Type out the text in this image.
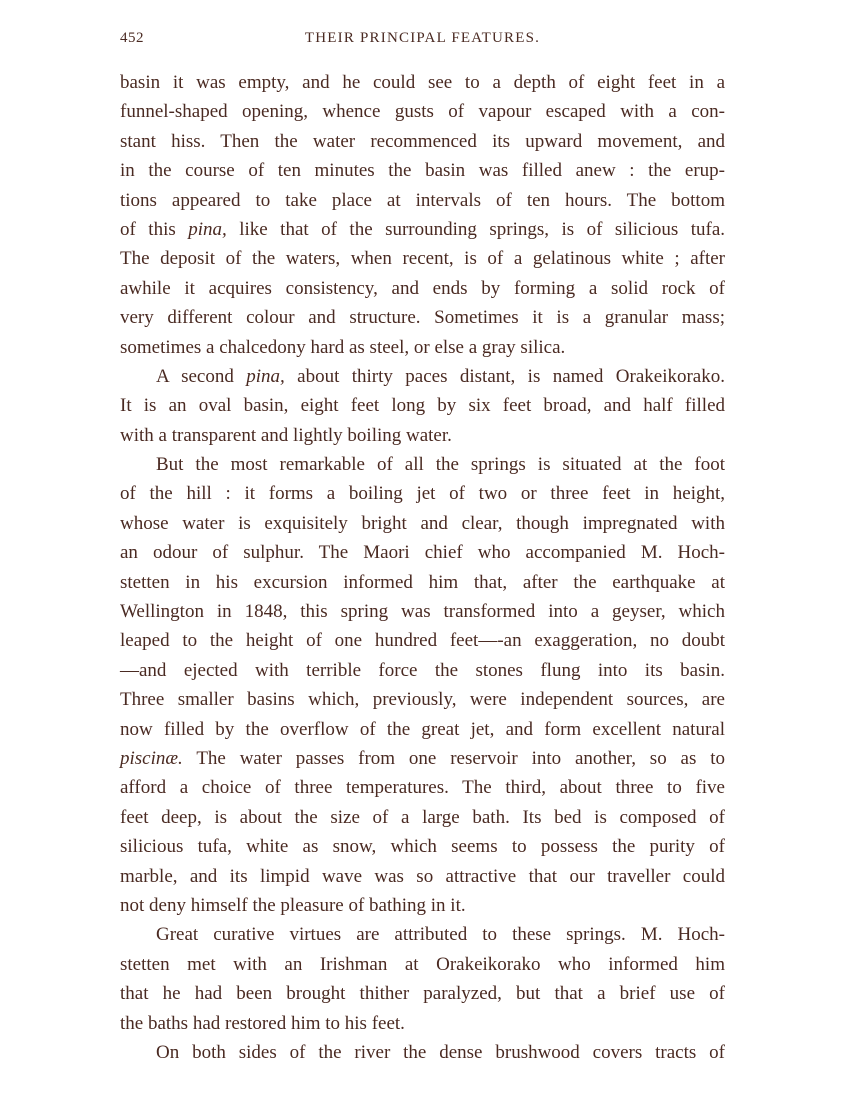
452	THEIR PRINCIPAL FEATURES.
basin it was empty, and he could see to a depth of eight feet in a
funnel-shaped opening, whence gusts of vapour escaped with a con-
stant hiss. Then the water recommenced its upward movement, and
in the course of ten minutes the basin was filled anew : the erup-
tions appeared to take place at intervals of ten hours. The bottom
of this pina, like that of the surrounding springs, is of silicious tufa.
The deposit of the waters, when recent, is of a gelatinous white ; after
awhile it acquires consistency, and ends by forming a solid rock of
very different colour and structure. Sometimes it is a granular mass;
sometimes a chalcedony hard as steel, or else a gray silica.
A second pina, about thirty paces distant, is named Orakeikorako.
It is an oval basin, eight feet long by six feet broad, and half filled
with a transparent and lightly boiling water.
But the most remarkable of all the springs is situated at the foot
of the hill : it forms a boiling jet of two or three feet in height,
whose water is exquisitely bright and clear, though impregnated with
an odour of sulphur. The Maori chief who accompanied M. Hoch-
stetten in his excursion informed him that, after the earthquake at
Wellington in 1848, this spring was transformed into a geyser, which
leaped to the height of one hundred feet—-an exaggeration, no doubt
—and ejected with terrible force the stones flung into its basin.
Three smaller basins which, previously, were independent sources, are
now filled by the overflow of the great jet, and form excellent natural
piscinæ. The water passes from one reservoir into another, so as to
afford a choice of three temperatures. The third, about three to five
feet deep, is about the size of a large bath. Its bed is composed of
silicious tufa, white as snow, which seems to possess the purity of
marble, and its limpid wave was so attractive that our traveller could
not deny himself the pleasure of bathing in it.
Great curative virtues are attributed to these springs. M. Hoch-
stetten met with an Irishman at Orakeikorako who informed him
that he had been brought thither paralyzed, but that a brief use of
the baths had restored him to his feet.
On both sides of the river the dense brushwood covers tracts of
